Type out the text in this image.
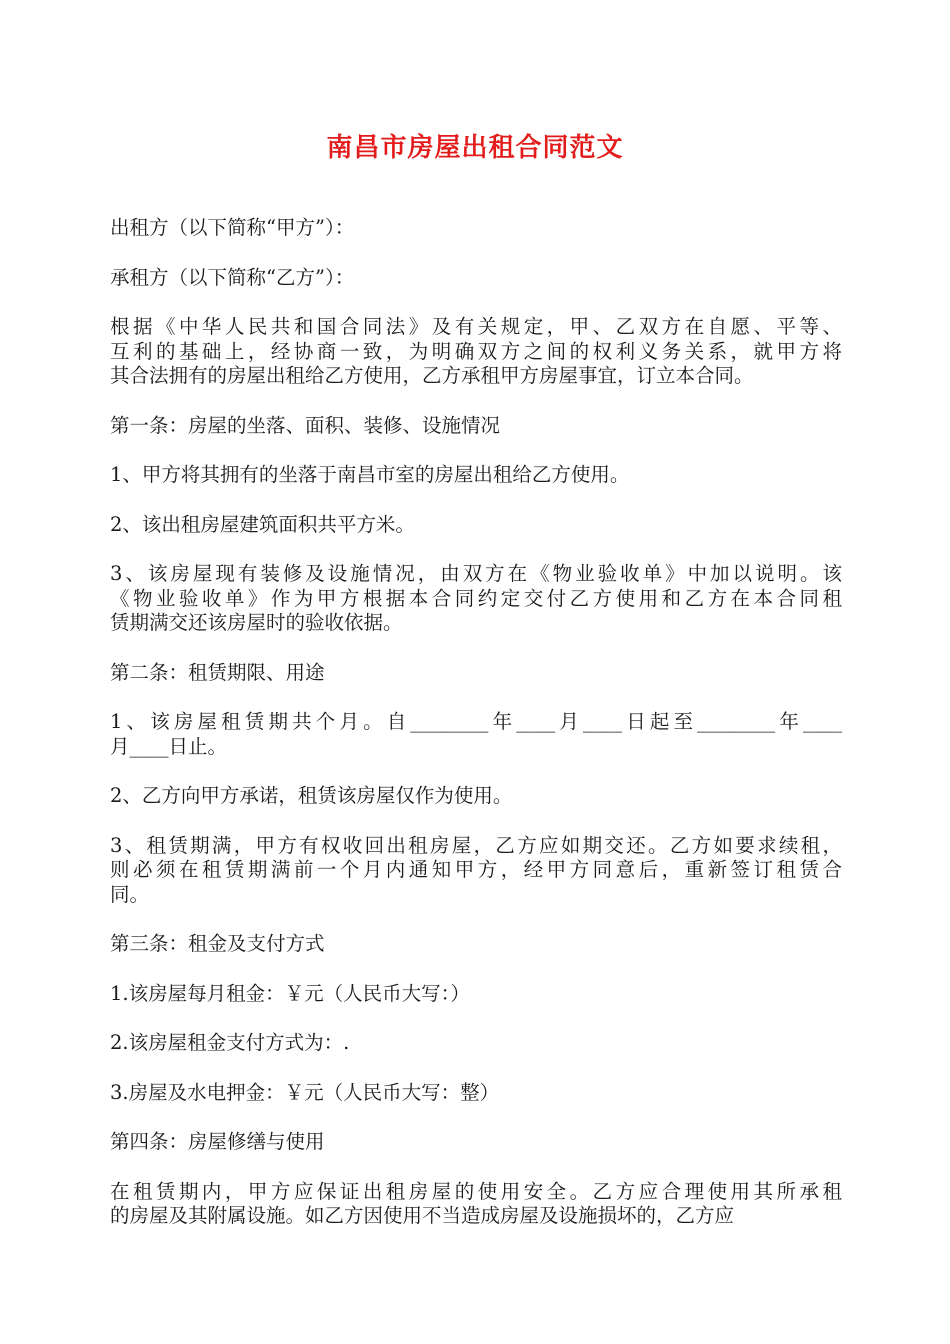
南昌市房屋出租合同范文
出租方（以下简称“甲方”）：
承租方（以下简称“乙方”）：
根据《中华人民共和国合同法》及有关规定，甲、乙双方在自愿、平等、
互利的基础上，经协商一致，为明确双方之间的权利义务关系，就甲方将
其合法拥有的房屋出租给乙方使用，乙方承租甲方房屋事宜，订立本合同。
第一条：房屋的坐落、面积、装修、设施情况
1、甲方将其拥有的坐落于南昌市室的房屋出租给乙方使用。
2、该出租房屋建筑面积共平方米。
3、该房屋现有装修及设施情况，由双方在《物业验收单》中加以说明。该
《物业验收单》作为甲方根据本合同约定交付乙方使用和乙方在本合同租
赁期满交还该房屋时的验收依据。
第二条：租赁期限、用途
1、该房屋租赁期共个月。自________年____月____日起至________年____
月____日止。
2、乙方向甲方承诺，租赁该房屋仅作为使用。
3、租赁期满，甲方有权收回出租房屋，乙方应如期交还。乙方如要求续租，
则必须在租赁期满前一个月内通知甲方，经甲方同意后，重新签订租赁合
同。
第三条：租金及支付方式
1.该房屋每月租金：￥元（人民币大写：）
2.该房屋租金支付方式为：.
3.房屋及水电押金：￥元（人民币大写：整）
第四条：房屋修缮与使用
在租赁期内，甲方应保证出租房屋的使用安全。乙方应合理使用其所承租
的房屋及其附属设施。如乙方因使用不当造成房屋及设施损坏的，乙方应
